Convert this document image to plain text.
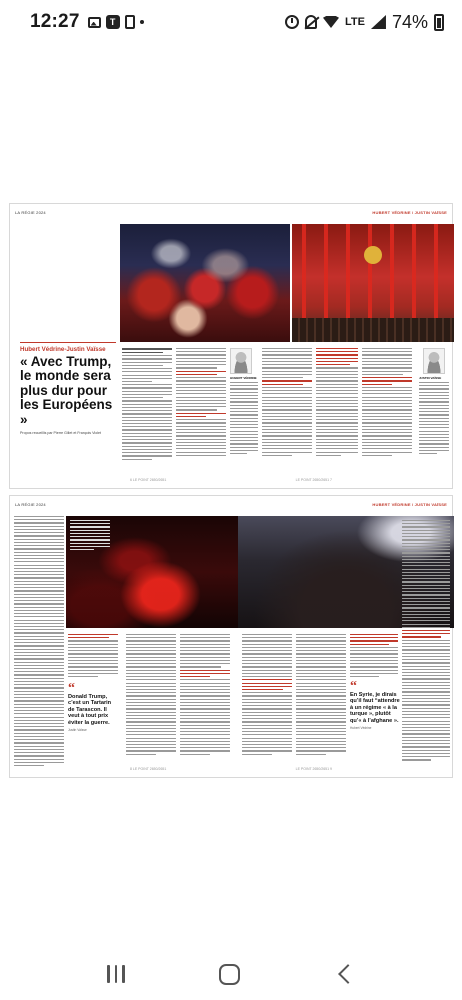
12:27	T	LTE 74%
LA RÉGIE 2024	HUBERT VÉDRINE / JUSTIN VAÏSSE
Hubert Védrine-Justin Vaïsse
« Avec Trump, le monde sera plus dur pour les Européens »
Propos recueillis par Pierre Gillet et François Violet
HUBERT VÉDRINE	JUSTIN VAÏSSE
6 LE POINT 2650/2651	LE POINT 2650/2651 7
LA RÉGIE 2024	HUBERT VÉDRINE / JUSTIN VAÏSSE
“
Donald Trump, c’est un Tartarin de Tarascon. Il veut à tout prix éviter la guerre.
Justin Vaïsse
“
En Syrie, je dirais qu’il faut “attendre à un régime « à la turque », plutôt qu’« à l’afghane ».
Hubert Védrine
8 LE POINT 2650/2651	LE POINT 2650/2651 9
